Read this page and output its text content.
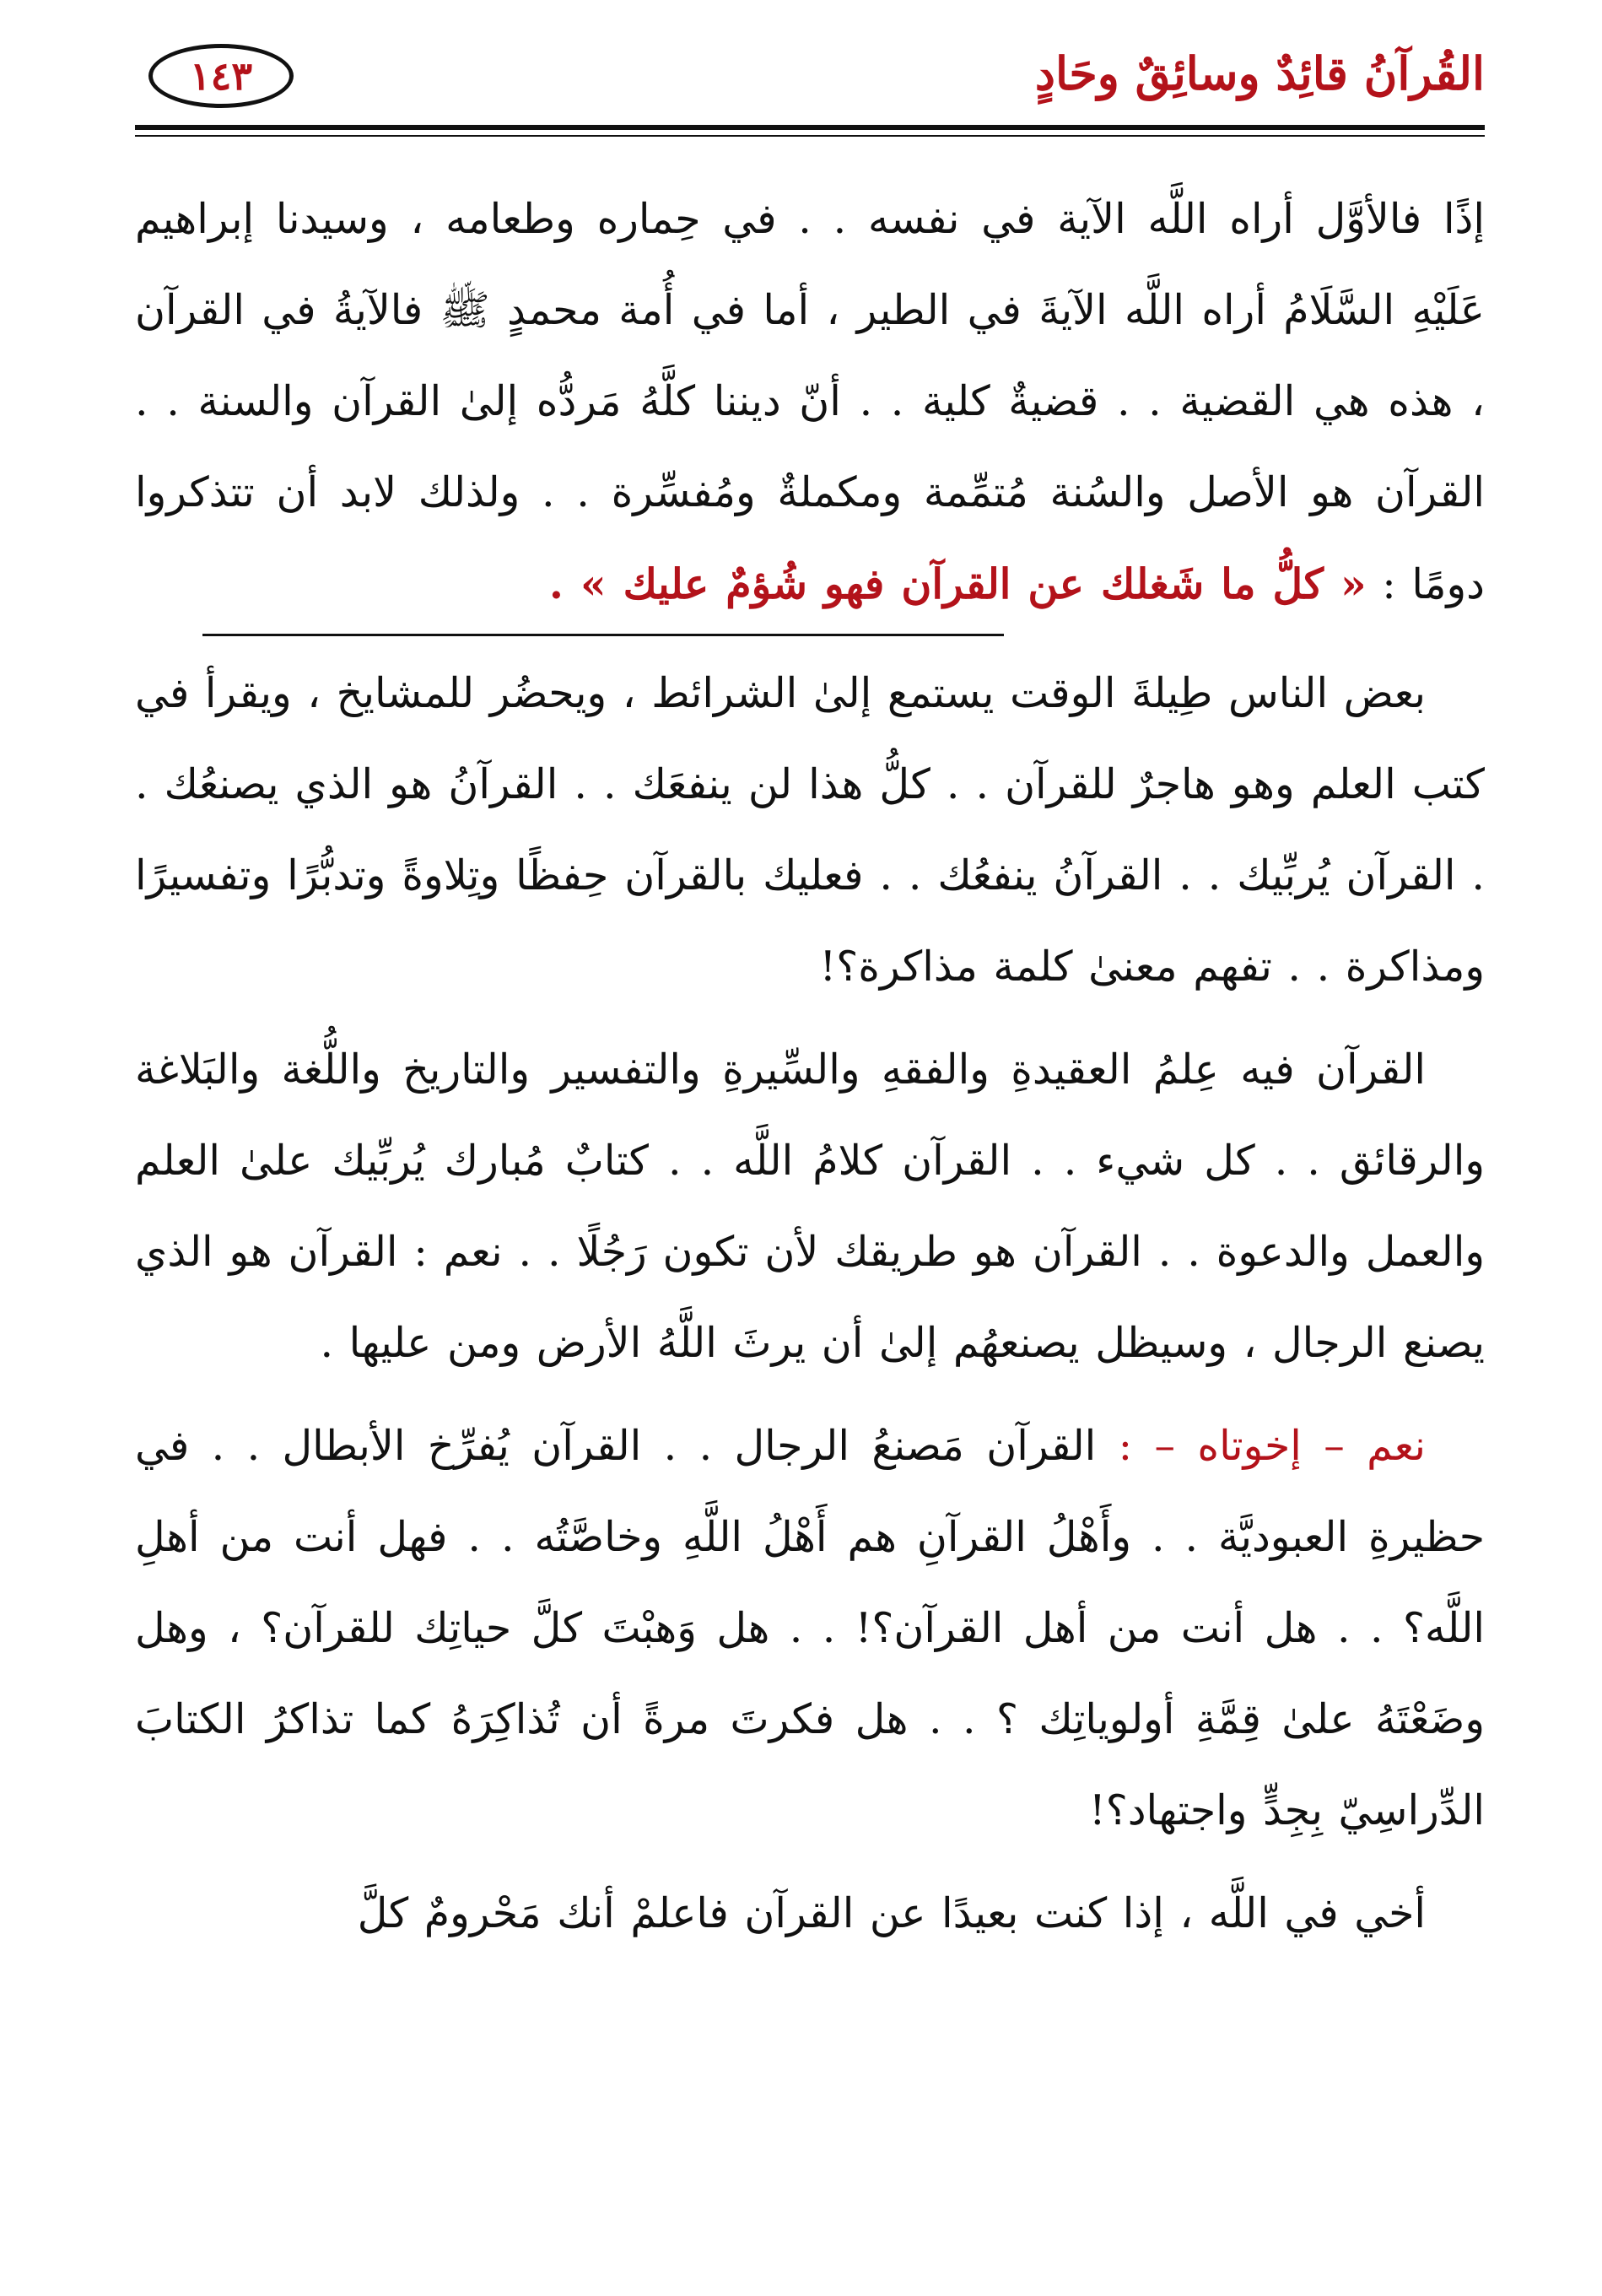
القُرآنُ قائِدٌ وسائِقٌ وحَادٍ
١٤٣

إذًا فالأوَّل أراه اللَّه الآية في نفسه . . في حِماره وطعامه ، وسيدنا إبراهيم عَلَيْهِ السَّلَامُ أراه اللَّه الآيةَ في الطير ، أما في أُمة محمدٍ ﷺ فالآيةُ في القرآن ، هذه هي القضية . . قضيةٌ كلية . . أنّ ديننا كلَّهُ مَردُّه إلىٰ القرآن والسنة . . القرآن هو الأصل والسُنة مُتمِّمة ومكملةٌ ومُفسِّرة . . ولذلك لابد أن تتذكروا دومًا : « كلُّ ما شَغلك عن القرآن فهو شُؤمٌ عليك » .

بعض الناس طِيلةَ الوقت يستمع إلىٰ الشرائط ، ويحضُر للمشايخ ، ويقرأ في كتب العلم وهو هاجرٌ للقرآن . . كلُّ هذا لن ينفعَك . . القرآنُ هو الذي يصنعُك . . القرآن يُربِّيك . . القرآنُ ينفعُك . . فعليك بالقرآن حِفظًا وتِلاوةً وتدبُّرًا وتفسيرًا ومذاكرة . . تفهم معنىٰ كلمة مذاكرة؟!

القرآن فيه عِلمُ العقيدةِ والفقهِ والسِّيرةِ والتفسير والتاريخ واللُّغة والبَلاغة والرقائق . . كل شيء . . القرآن كلامُ اللَّه . . كتابٌ مُبارك يُربِّيك علىٰ العلم والعمل والدعوة . . القرآن هو طريقك لأن تكون رَجُلًا . . نعم : القرآن هو الذي يصنع الرجال ، وسيظل يصنعهُم إلىٰ أن يرثَ اللَّهُ الأرض ومن عليها .

نعم – إخوتاه – : القرآن مَصنعُ الرجال . . القرآن يُفرِّخ الأبطال . . في حظيرةِ العبوديَّة . . وأَهْلُ القرآنِ هم أَهْلُ اللَّهِ وخاصَّتُه . . فهل أنت من أهلِ اللَّه؟ . . هل أنت من أهل القرآن؟! . . هل وَهبْتَ كلَّ حياتِك للقرآن؟ ، وهل وضَعْتَهُ علىٰ قِمَّةِ أولوياتِك ؟ . . هل فكرتَ مرةً أن تُذاكِرَهُ كما تذاكرُ الكتابَ الدِّراسِيّ بِجِدٍّ واجتهاد؟!

أخي في اللَّه ، إذا كنت بعيدًا عن القرآن فاعلمْ أنك مَحْرومٌ كلَّ
